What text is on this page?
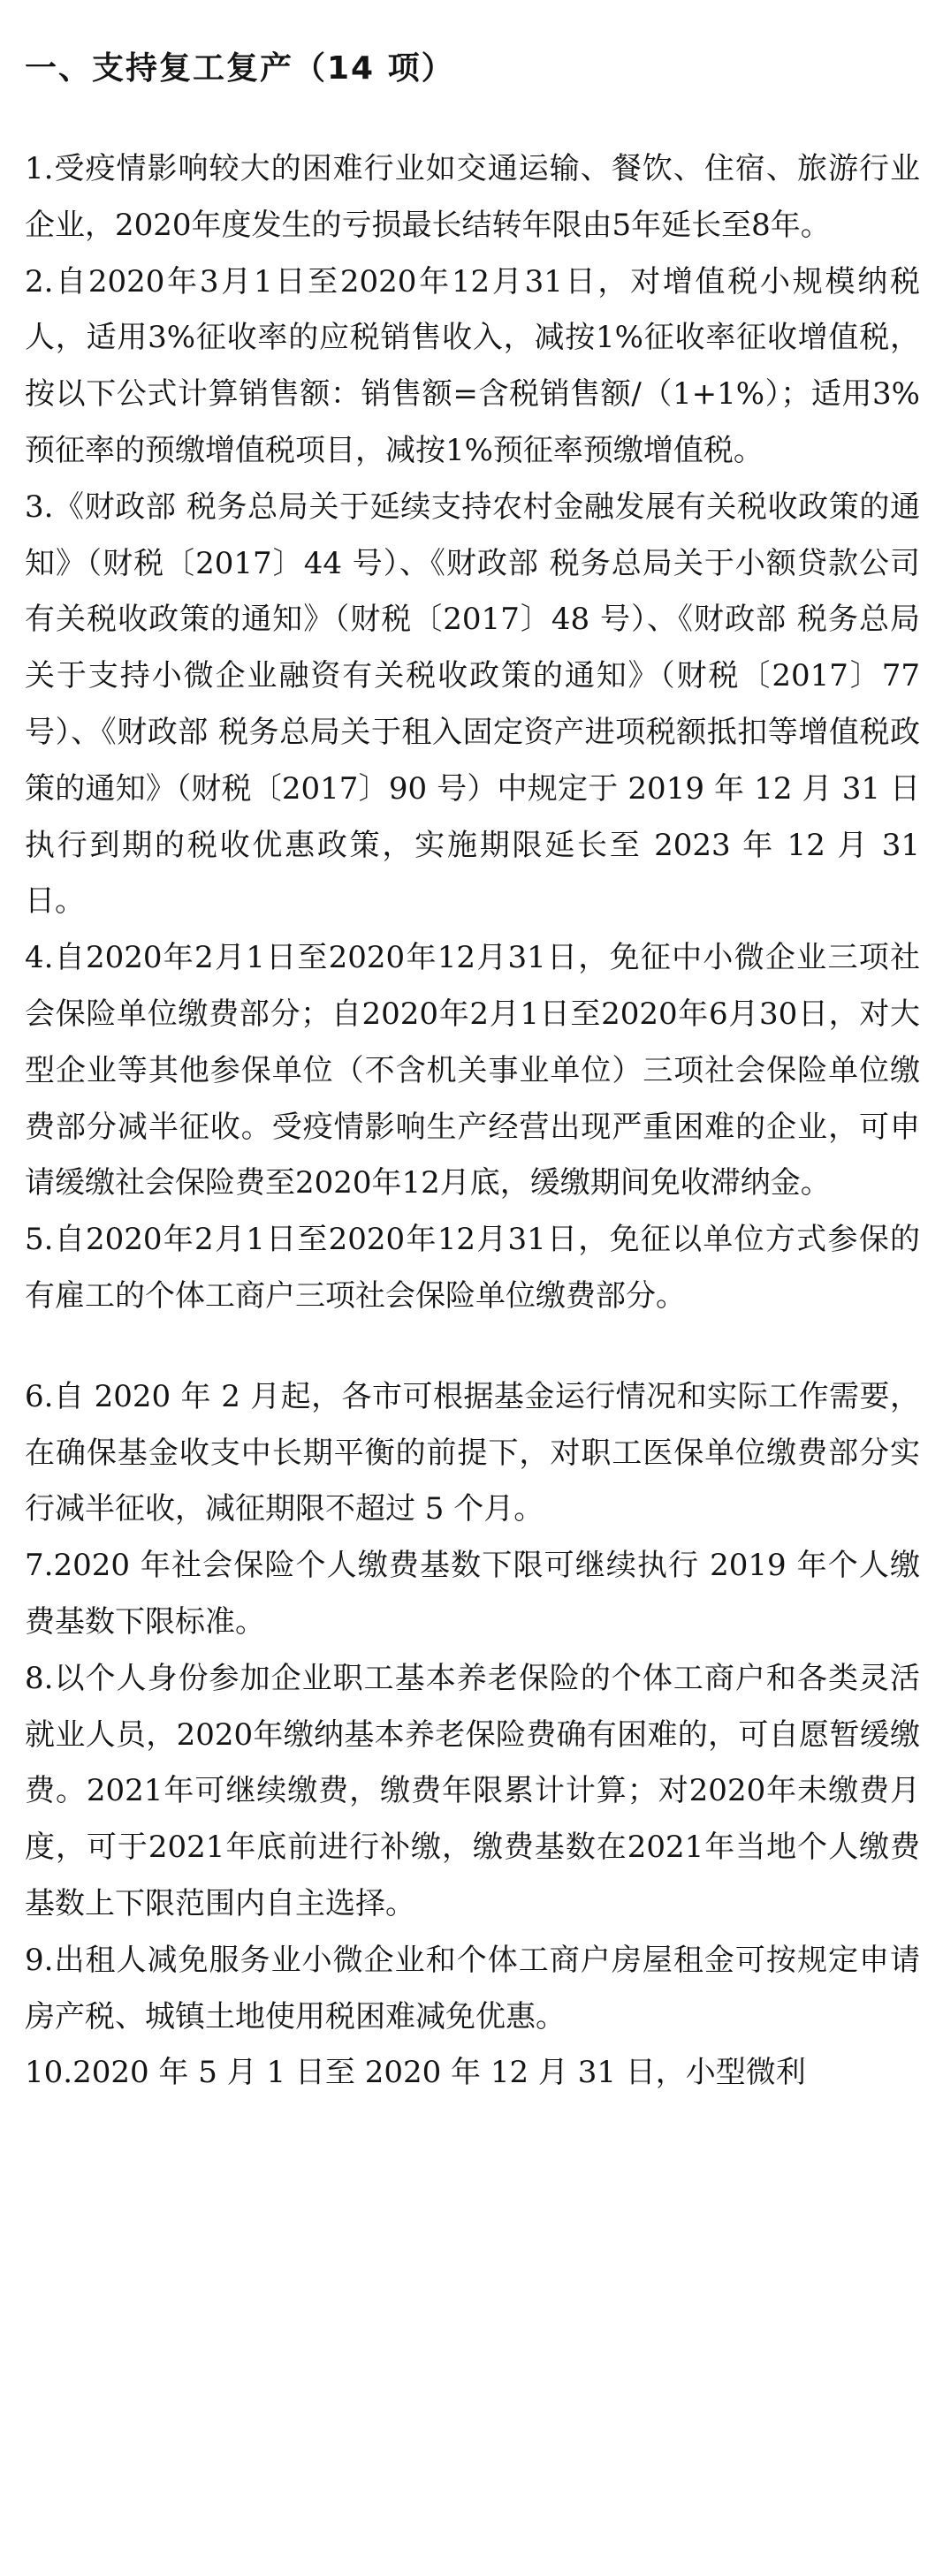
一、支持复工复产（14 项）

1.受疫情影响较大的困难行业如交通运输、餐饮、住宿、旅游行业企业，2020年度发生的亏损最长结转年限由5年延长至8年。

2.自2020年3月1日至2020年12月31日，对增值税小规模纳税人，适用3%征收率的应税销售收入，减按1%征收率征收增值税，按以下公式计算销售额：销售额=含税销售额/（1+1%）；适用3%预征率的预缴增值税项目，减按1%预征率预缴增值税。

3.《财政部 税务总局关于延续支持农村金融发展有关税收政策的通知》（财税〔2017〕44 号）、《财政部 税务总局关于小额贷款公司有关税收政策的通知》（财税〔2017〕48 号）、《财政部 税务总局关于支持小微企业融资有关税收政策的通知》（财税〔2017〕77 号）、《财政部 税务总局关于租入固定资产进项税额抵扣等增值税政策的通知》（财税〔2017〕90 号）中规定于 2019 年 12 月 31 日执行到期的税收优惠政策，实施期限延长至 2023 年 12 月 31 日。

4.自2020年2月1日至2020年12月31日，免征中小微企业三项社会保险单位缴费部分；自2020年2月1日至2020年6月30日，对大型企业等其他参保单位（不含机关事业单位）三项社会保险单位缴费部分减半征收。受疫情影响生产经营出现严重困难的企业，可申请缓缴社会保险费至2020年12月底，缓缴期间免收滞纳金。

5.自2020年2月1日至2020年12月31日，免征以单位方式参保的有雇工的个体工商户三项社会保险单位缴费部分。

6.自 2020 年 2 月起，各市可根据基金运行情况和实际工作需要，在确保基金收支中长期平衡的前提下，对职工医保单位缴费部分实行减半征收，减征期限不超过 5 个月。

7.2020 年社会保险个人缴费基数下限可继续执行 2019 年个人缴费基数下限标准。

8.以个人身份参加企业职工基本养老保险的个体工商户和各类灵活就业人员，2020年缴纳基本养老保险费确有困难的，可自愿暂缓缴费。2021年可继续缴费，缴费年限累计计算；对2020年未缴费月度，可于2021年底前进行补缴，缴费基数在2021年当地个人缴费基数上下限范围内自主选择。

9.出租人减免服务业小微企业和个体工商户房屋租金可按规定申请房产税、城镇土地使用税困难减免优惠。

10.2020 年 5 月 1 日至 2020 年 12 月 31 日，小型微利
